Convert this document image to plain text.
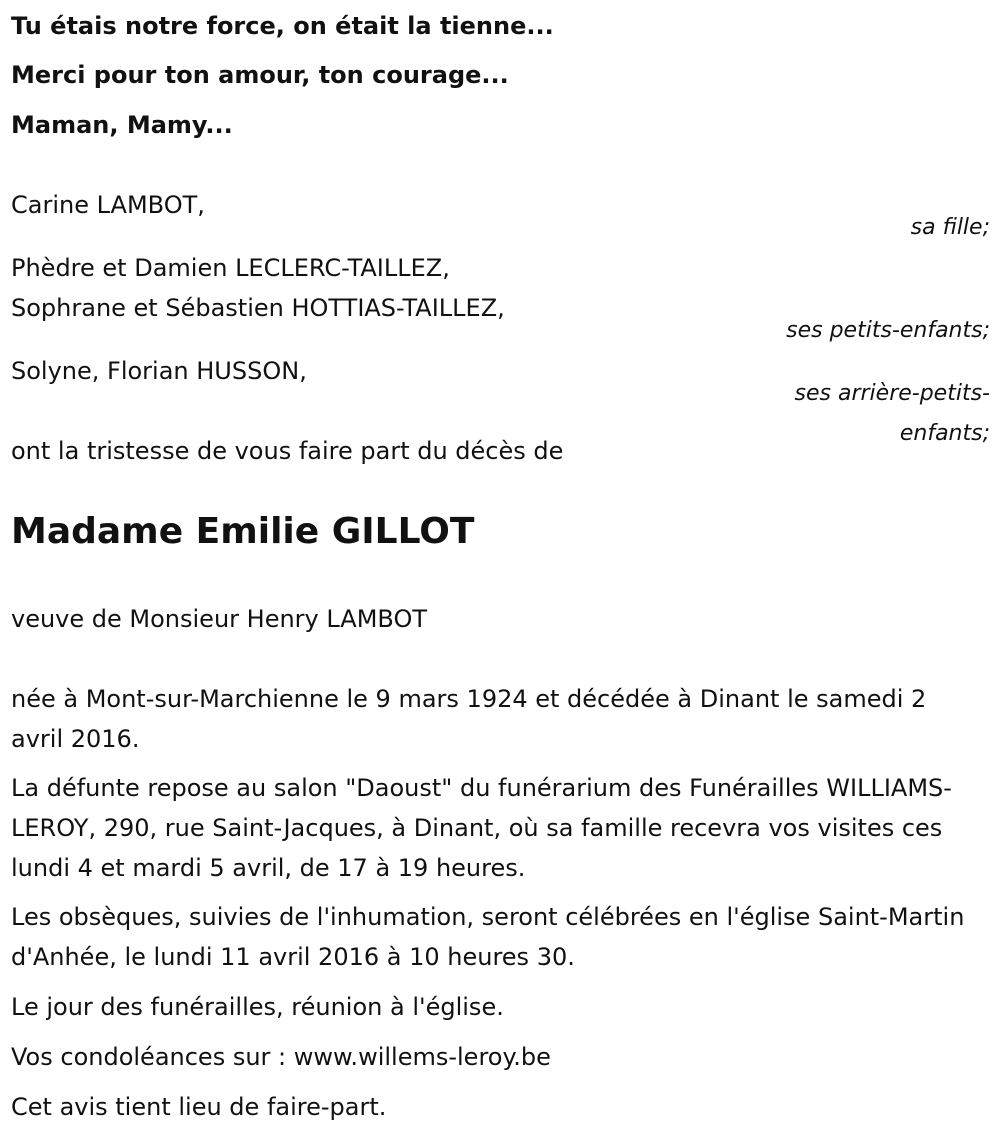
Tu étais notre force, on était la tienne...

Merci pour ton amour, ton courage...

Maman, Mamy...

Carine LAMBOT,

sa fille;

Phèdre et Damien LECLERC-TAILLEZ,

Sophrane et Sébastien HOTTIAS-TAILLEZ,

ses petits-enfants;

Solyne, Florian HUSSON,

ses arrière-petits-

enfants;

ont la tristesse de vous faire part du décès de

Madame Emilie GILLOT

veuve de Monsieur Henry LAMBOT

née à Mont-sur-Marchienne le 9 mars 1924 et décédée à Dinant le samedi 2 avril 2016.

La défunte repose au salon "Daoust" du funérarium des Funérailles WILLIAMS-LEROY, 290, rue Saint-Jacques, à Dinant, où sa famille recevra vos visites ces lundi 4 et mardi 5 avril, de 17 à 19 heures.

Les obsèques, suivies de l'inhumation, seront célébrées en l'église Saint-Martin d'Anhée, le lundi 11 avril 2016 à 10 heures 30.

Le jour des funérailles, réunion à l'église.

Vos condoléances sur : www.willems-leroy.be

Cet avis tient lieu de faire-part.
